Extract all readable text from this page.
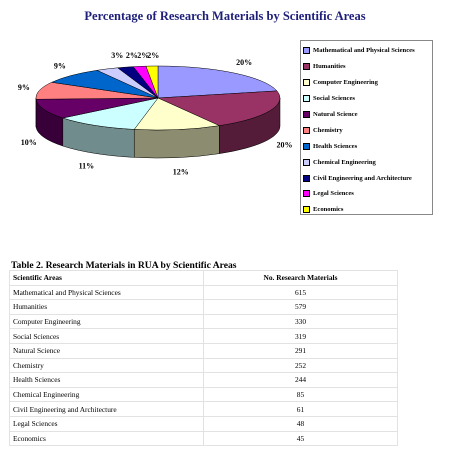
Percentage of Research Materials by Scientific Areas
20%
20%
12%
11%
10%
9%
9%
3% 2% 2%
2%
Mathematical and Physical Sciences
Humanities
Computer Engineering
Social Sciences
Natural Science
Chemistry
Health Sciences
Chemical Engineering
Civil Engineering and Architecture
Legal Sciences
Economics
Table 2. Research Materials in RUA by Scientific Areas
Scientific Areas	No. Research Materials
Mathematical and Physical Sciences	615
Humanities	579
Computer Engineering	330
Social Sciences	319
Natural Science	291
Chemistry	252
Health Sciences	244
Chemical Engineering	85
Civil Engineering and Architecture	61
Legal Sciences	48
Economics	45
